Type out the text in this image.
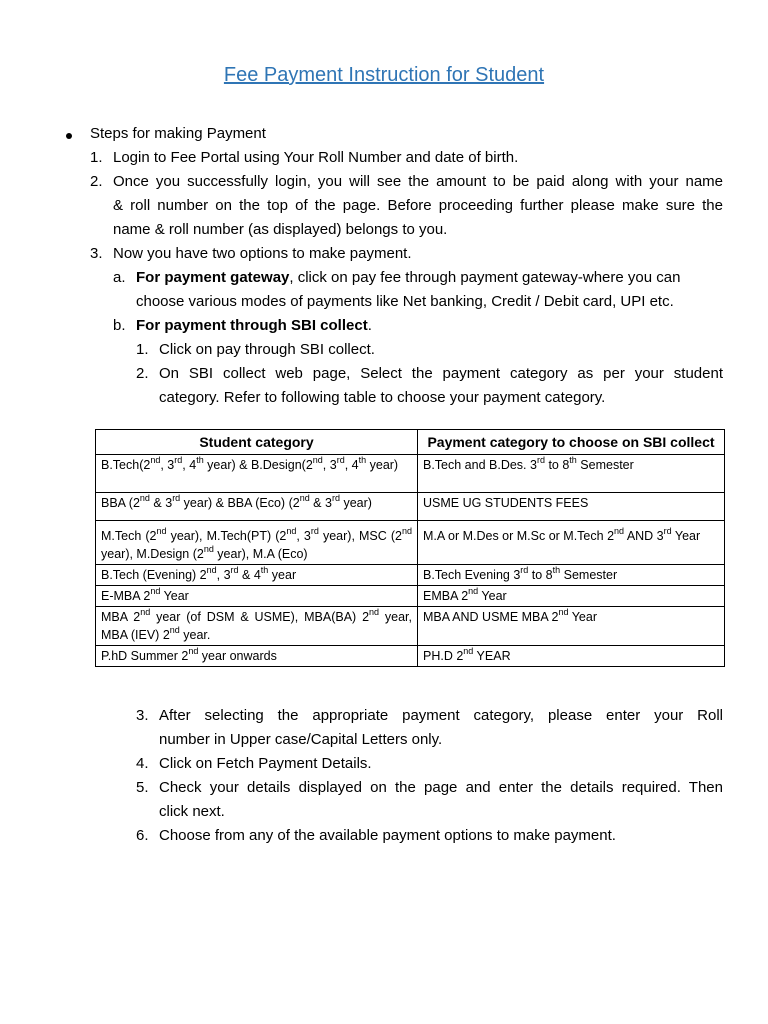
Fee Payment Instruction for Student
Steps for making Payment
1. Login to Fee Portal using Your Roll Number and date of birth.
2. Once you successfully login, you will see the amount to be paid along with your name
& roll number on the top of the page. Before proceeding further please make sure the
name & roll number (as displayed) belongs to you.
3. Now you have two options to make payment.
a. For payment gateway, click on pay fee through payment gateway-where you can
choose various modes of payments like Net banking, Credit / Debit card, UPI etc.
b. For payment through SBI collect.
1. Click on pay through SBI collect.
2. On SBI collect web page, Select the payment category as per your student
category. Refer to following table to choose your payment category.
Student category	Payment category to choose on SBI collect
B.Tech(2nd, 3rd, 4th year) & B.Design(2nd, 3rd, 4th year)	B.Tech and B.Des. 3rd to 8th Semester
BBA (2nd & 3rd year) & BBA (Eco) (2nd & 3rd year)	USME UG STUDENTS FEES
M.Tech (2nd year), M.Tech(PT) (2nd, 3rd year), MSC (2nd year), M.Design (2nd year), M.A (Eco)	M.A or M.Des or M.Sc or M.Tech 2nd AND 3rd Year
B.Tech (Evening) 2nd, 3rd & 4th year	B.Tech Evening 3rd to 8th Semester
E-MBA 2nd Year	EMBA 2nd Year
MBA 2nd year (of DSM & USME), MBA(BA) 2nd year, MBA (IEV) 2nd year.	MBA AND USME MBA 2nd Year
P.hD Summer 2nd year onwards	PH.D 2nd YEAR
3. After selecting the appropriate payment category, please enter your Roll
number in Upper case/Capital Letters only.
4. Click on Fetch Payment Details.
5. Check your details displayed on the page and enter the details required. Then
click next.
6. Choose from any of the available payment options to make payment.
